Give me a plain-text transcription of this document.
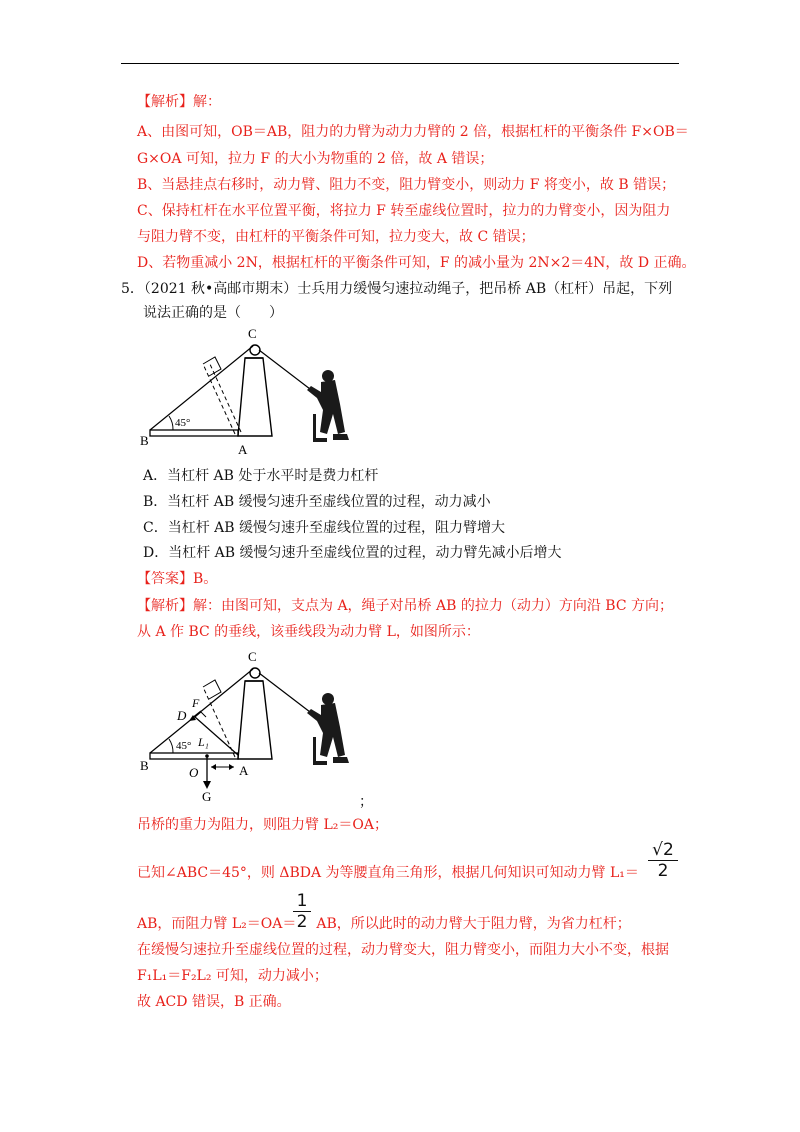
【解析】解：
A、由图可知，OB＝AB，阻力的力臂为动力力臂的 2 倍，根据杠杆的平衡条件 F×OB＝
G×OA 可知，拉力 F 的大小为物重的 2 倍，故 A 错误；
B、当悬挂点右移时，动力臂、阻力不变，阻力臂变小，则动力 F 将变小，故 B 错误；
C、保持杠杆在水平位置平衡，将拉力 F 转至虚线位置时，拉力的力臂变小，因为阻力
与阻力臂不变，由杠杆的平衡条件可知，拉力变大，故 C 错误；
D、若物重减小 2N，根据杠杆的平衡条件可知，F 的减小量为 2N×2＝4N，故 D 正确。
5．（2021 秋•高邮市期末）士兵用力缓慢匀速拉动绳子，把吊桥 AB（杠杆）吊起，下列
说法正确的是（　　）
C
B
A
45°
A．当杠杆 AB 处于水平时是费力杠杆
B．当杠杆 AB 缓慢匀速升至虚线位置的过程，动力减小
C．当杠杆 AB 缓慢匀速升至虚线位置的过程，阻力臂增大
D．当杠杆 AB 缓慢匀速升至虚线位置的过程，动力臂先减小后增大
【答案】B。
【解析】解：由图可知，支点为 A，绳子对吊桥 AB 的拉力（动力）方向沿 BC 方向；
从 A 作 BC 的垂线，该垂线段为动力臂 L，如图所示：
C
B	A
D
F
L₁
45°
O
G	；
吊桥的重力为阻力，则阻力臂 L₂＝OA；
已知∠ABC＝45°，则 ΔBDA 为等腰直角三角形，根据几何知识可知动力臂 $L_1= \frac{√2}{2}$
AB，而阻力臂 L₂＝OA＝ AB，所以此时的动力臂大于阻力臂，为省力杠杆；
$\frac{1}{2}$
在缓慢匀速拉升至虚线位置的过程，动力臂变大，阻力臂变小，而阻力大小不变，根据
F₁L₁＝F₂L₂ 可知，动力减小；
故 ACD 错误，B 正确。
